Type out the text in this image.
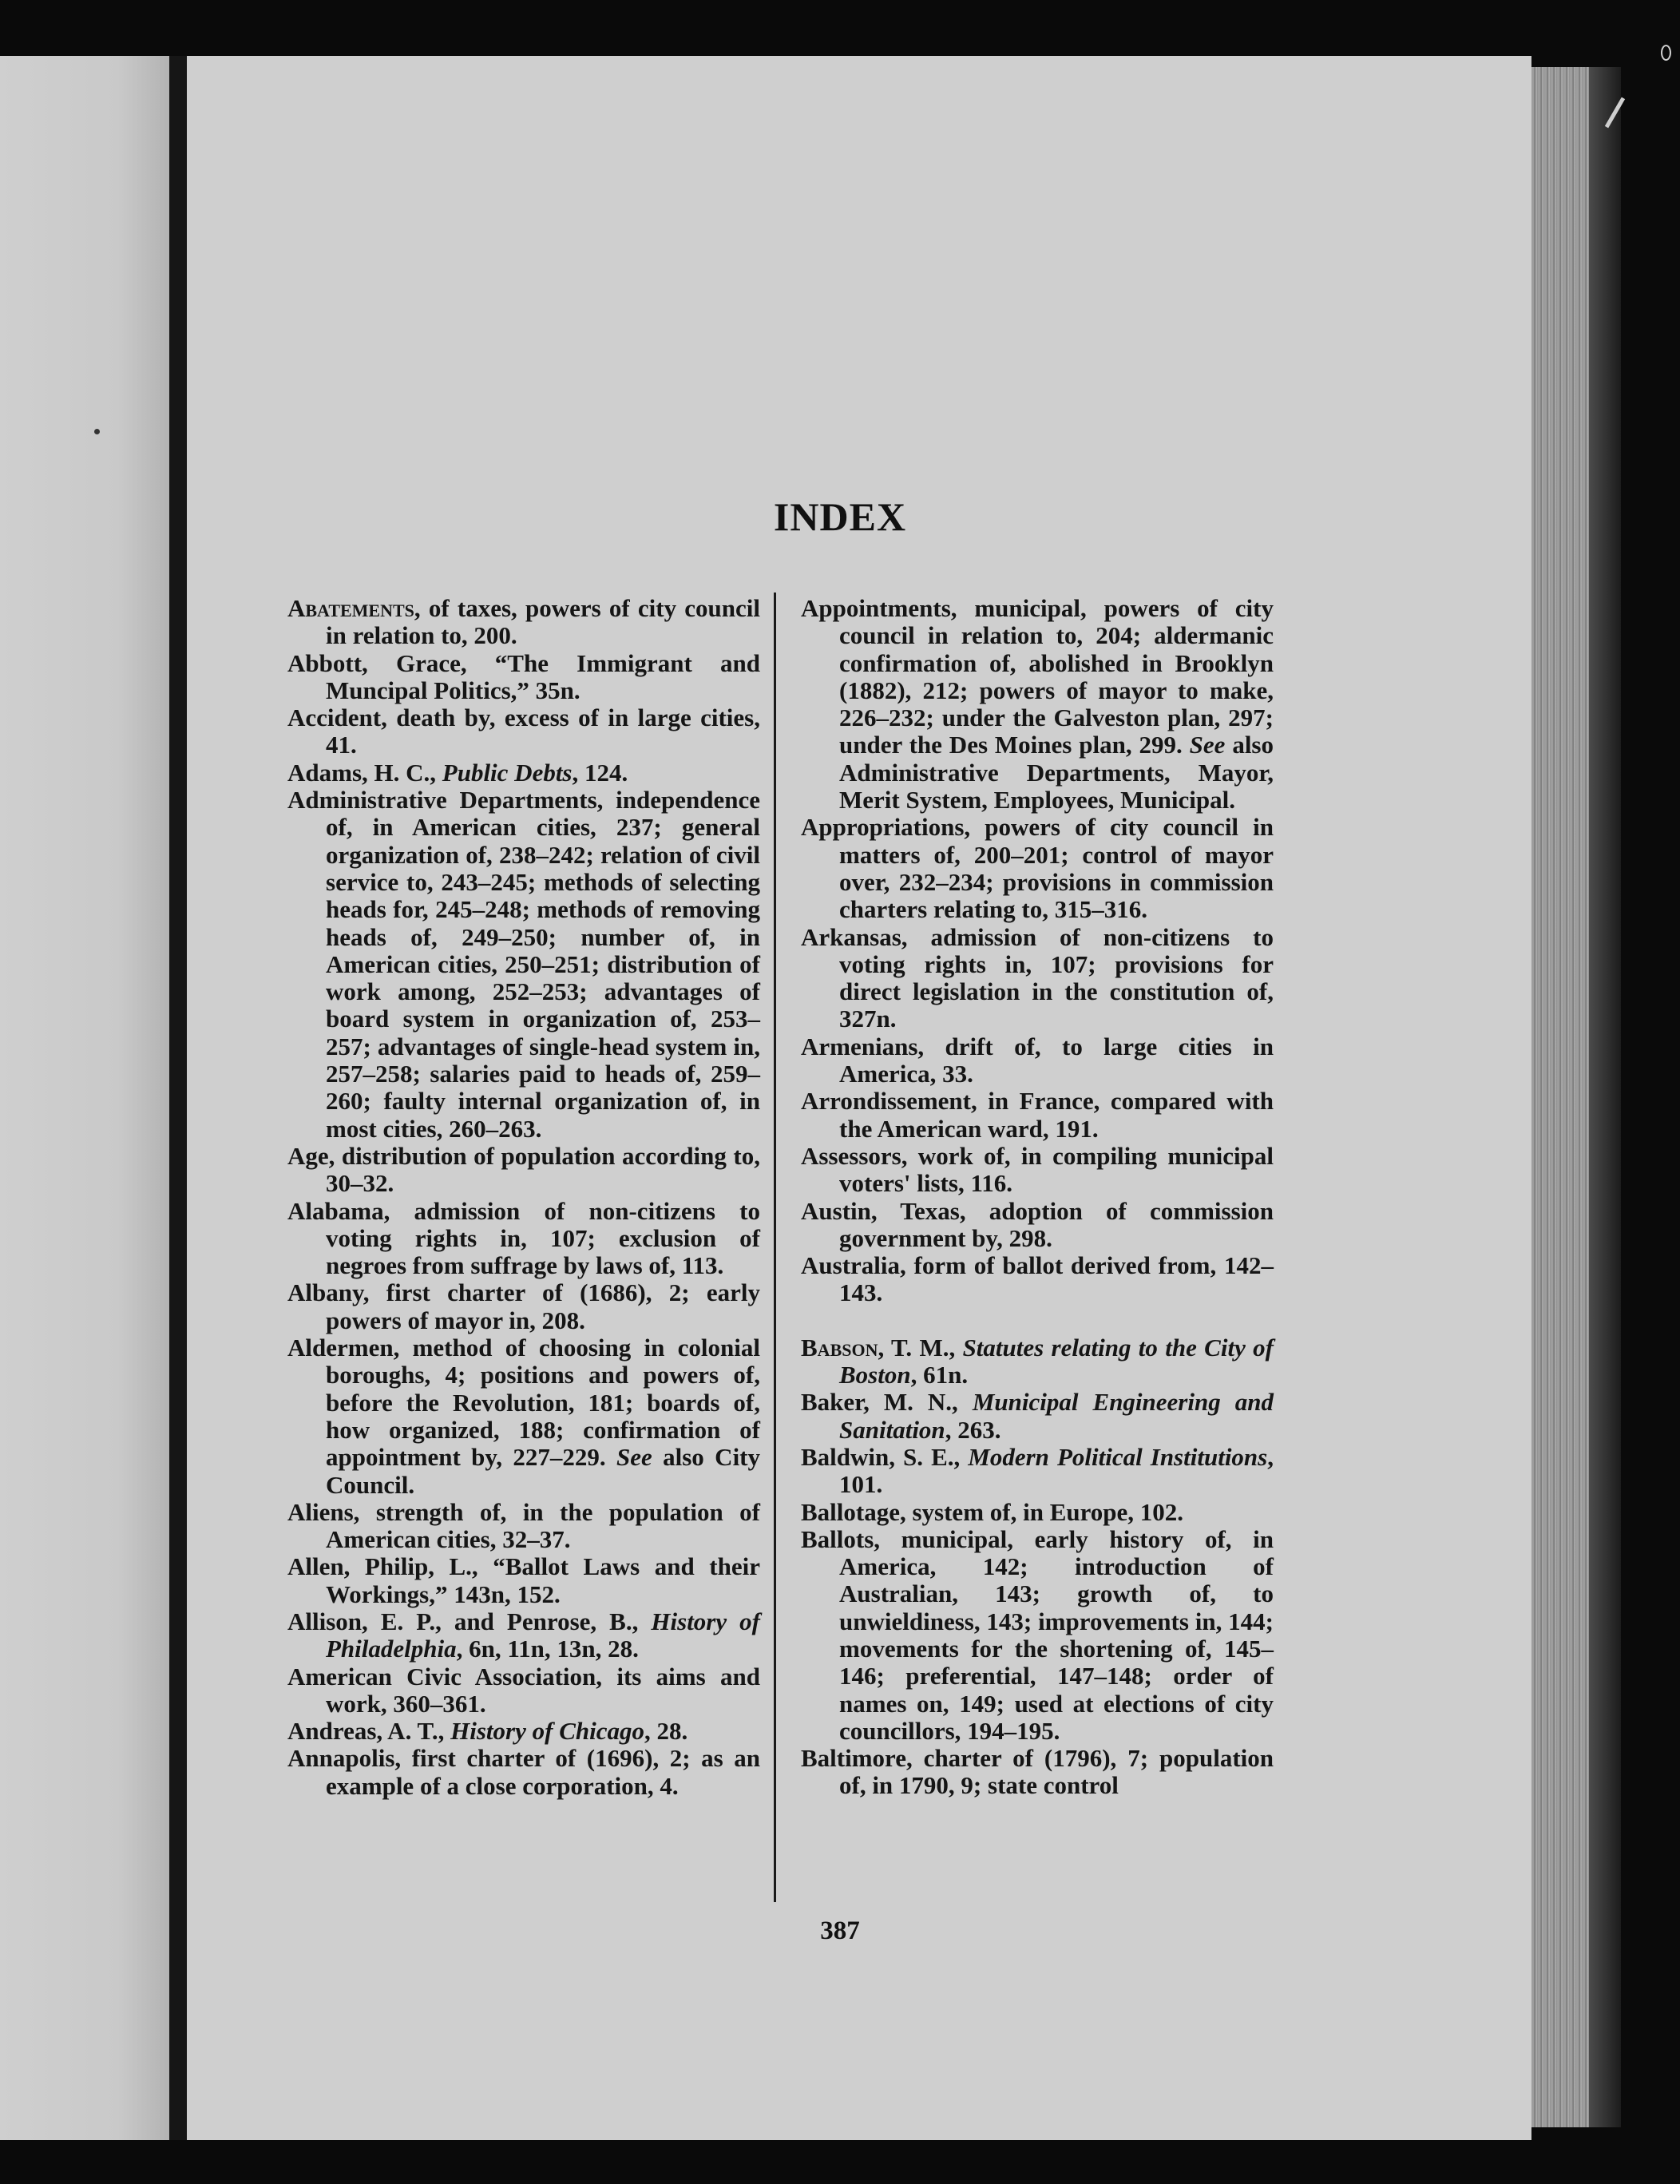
INDEX
Abatements, of taxes, powers of city council in relation to, 200.
Abbott, Grace, “The Immigrant and Muncipal Politics,” 35n.
Accident, death by, excess of in large cities, 41.
Adams, H. C., Public Debts, 124.
Administrative Departments, independence of, in American cities, 237; general organization of, 238–242; relation of civil service to, 243–245; methods of selecting heads for, 245–248; methods of removing heads of, 249–250; number of, in American cities, 250–251; distribution of work among, 252–253; advantages of board system in organization of, 253–257; advantages of single-head system in, 257–258; salaries paid to heads of, 259–260; faulty internal organization of, in most cities, 260–263.
Age, distribution of population according to, 30–32.
Alabama, admission of non-citizens to voting rights in, 107; exclusion of negroes from suffrage by laws of, 113.
Albany, first charter of (1686), 2; early powers of mayor in, 208.
Aldermen, method of choosing in colonial boroughs, 4; positions and powers of, before the Revolution, 181; boards of, how organized, 188; confirmation of appointment by, 227–229. See also City Council.
Aliens, strength of, in the population of American cities, 32–37.
Allen, Philip, L., “Ballot Laws and their Workings,” 143n, 152.
Allison, E. P., and Penrose, B., History of Philadelphia, 6n, 11n, 13n, 28.
American Civic Association, its aims and work, 360–361.
Andreas, A. T., History of Chicago, 28.
Annapolis, first charter of (1696), 2; as an example of a close corporation, 4.
Appointments, municipal, powers of city council in relation to, 204; aldermanic confirmation of, abolished in Brooklyn (1882), 212; powers of mayor to make, 226–232; under the Galveston plan, 297; under the Des Moines plan, 299. See also Administrative Departments, Mayor, Merit System, Employees, Municipal.
Appropriations, powers of city council in matters of, 200–201; control of mayor over, 232–234; provisions in commission charters relating to, 315–316.
Arkansas, admission of non-citizens to voting rights in, 107; provisions for direct legislation in the constitution of, 327n.
Armenians, drift of, to large cities in America, 33.
Arrondissement, in France, compared with the American ward, 191.
Assessors, work of, in compiling municipal voters' lists, 116.
Austin, Texas, adoption of commission government by, 298.
Australia, form of ballot derived from, 142–143.
Babson, T. M., Statutes relating to the City of Boston, 61n.
Baker, M. N., Municipal Engineering and Sanitation, 263.
Baldwin, S. E., Modern Political Institutions, 101.
Ballotage, system of, in Europe, 102.
Ballots, municipal, early history of, in America, 142; introduction of Australian, 143; growth of, to unwieldiness, 143; improvements in, 144; movements for the shortening of, 145–146; preferential, 147–148; order of names on, 149; used at elections of city councillors, 194–195.
Baltimore, charter of (1796), 7; population of, in 1790, 9; state control
387
